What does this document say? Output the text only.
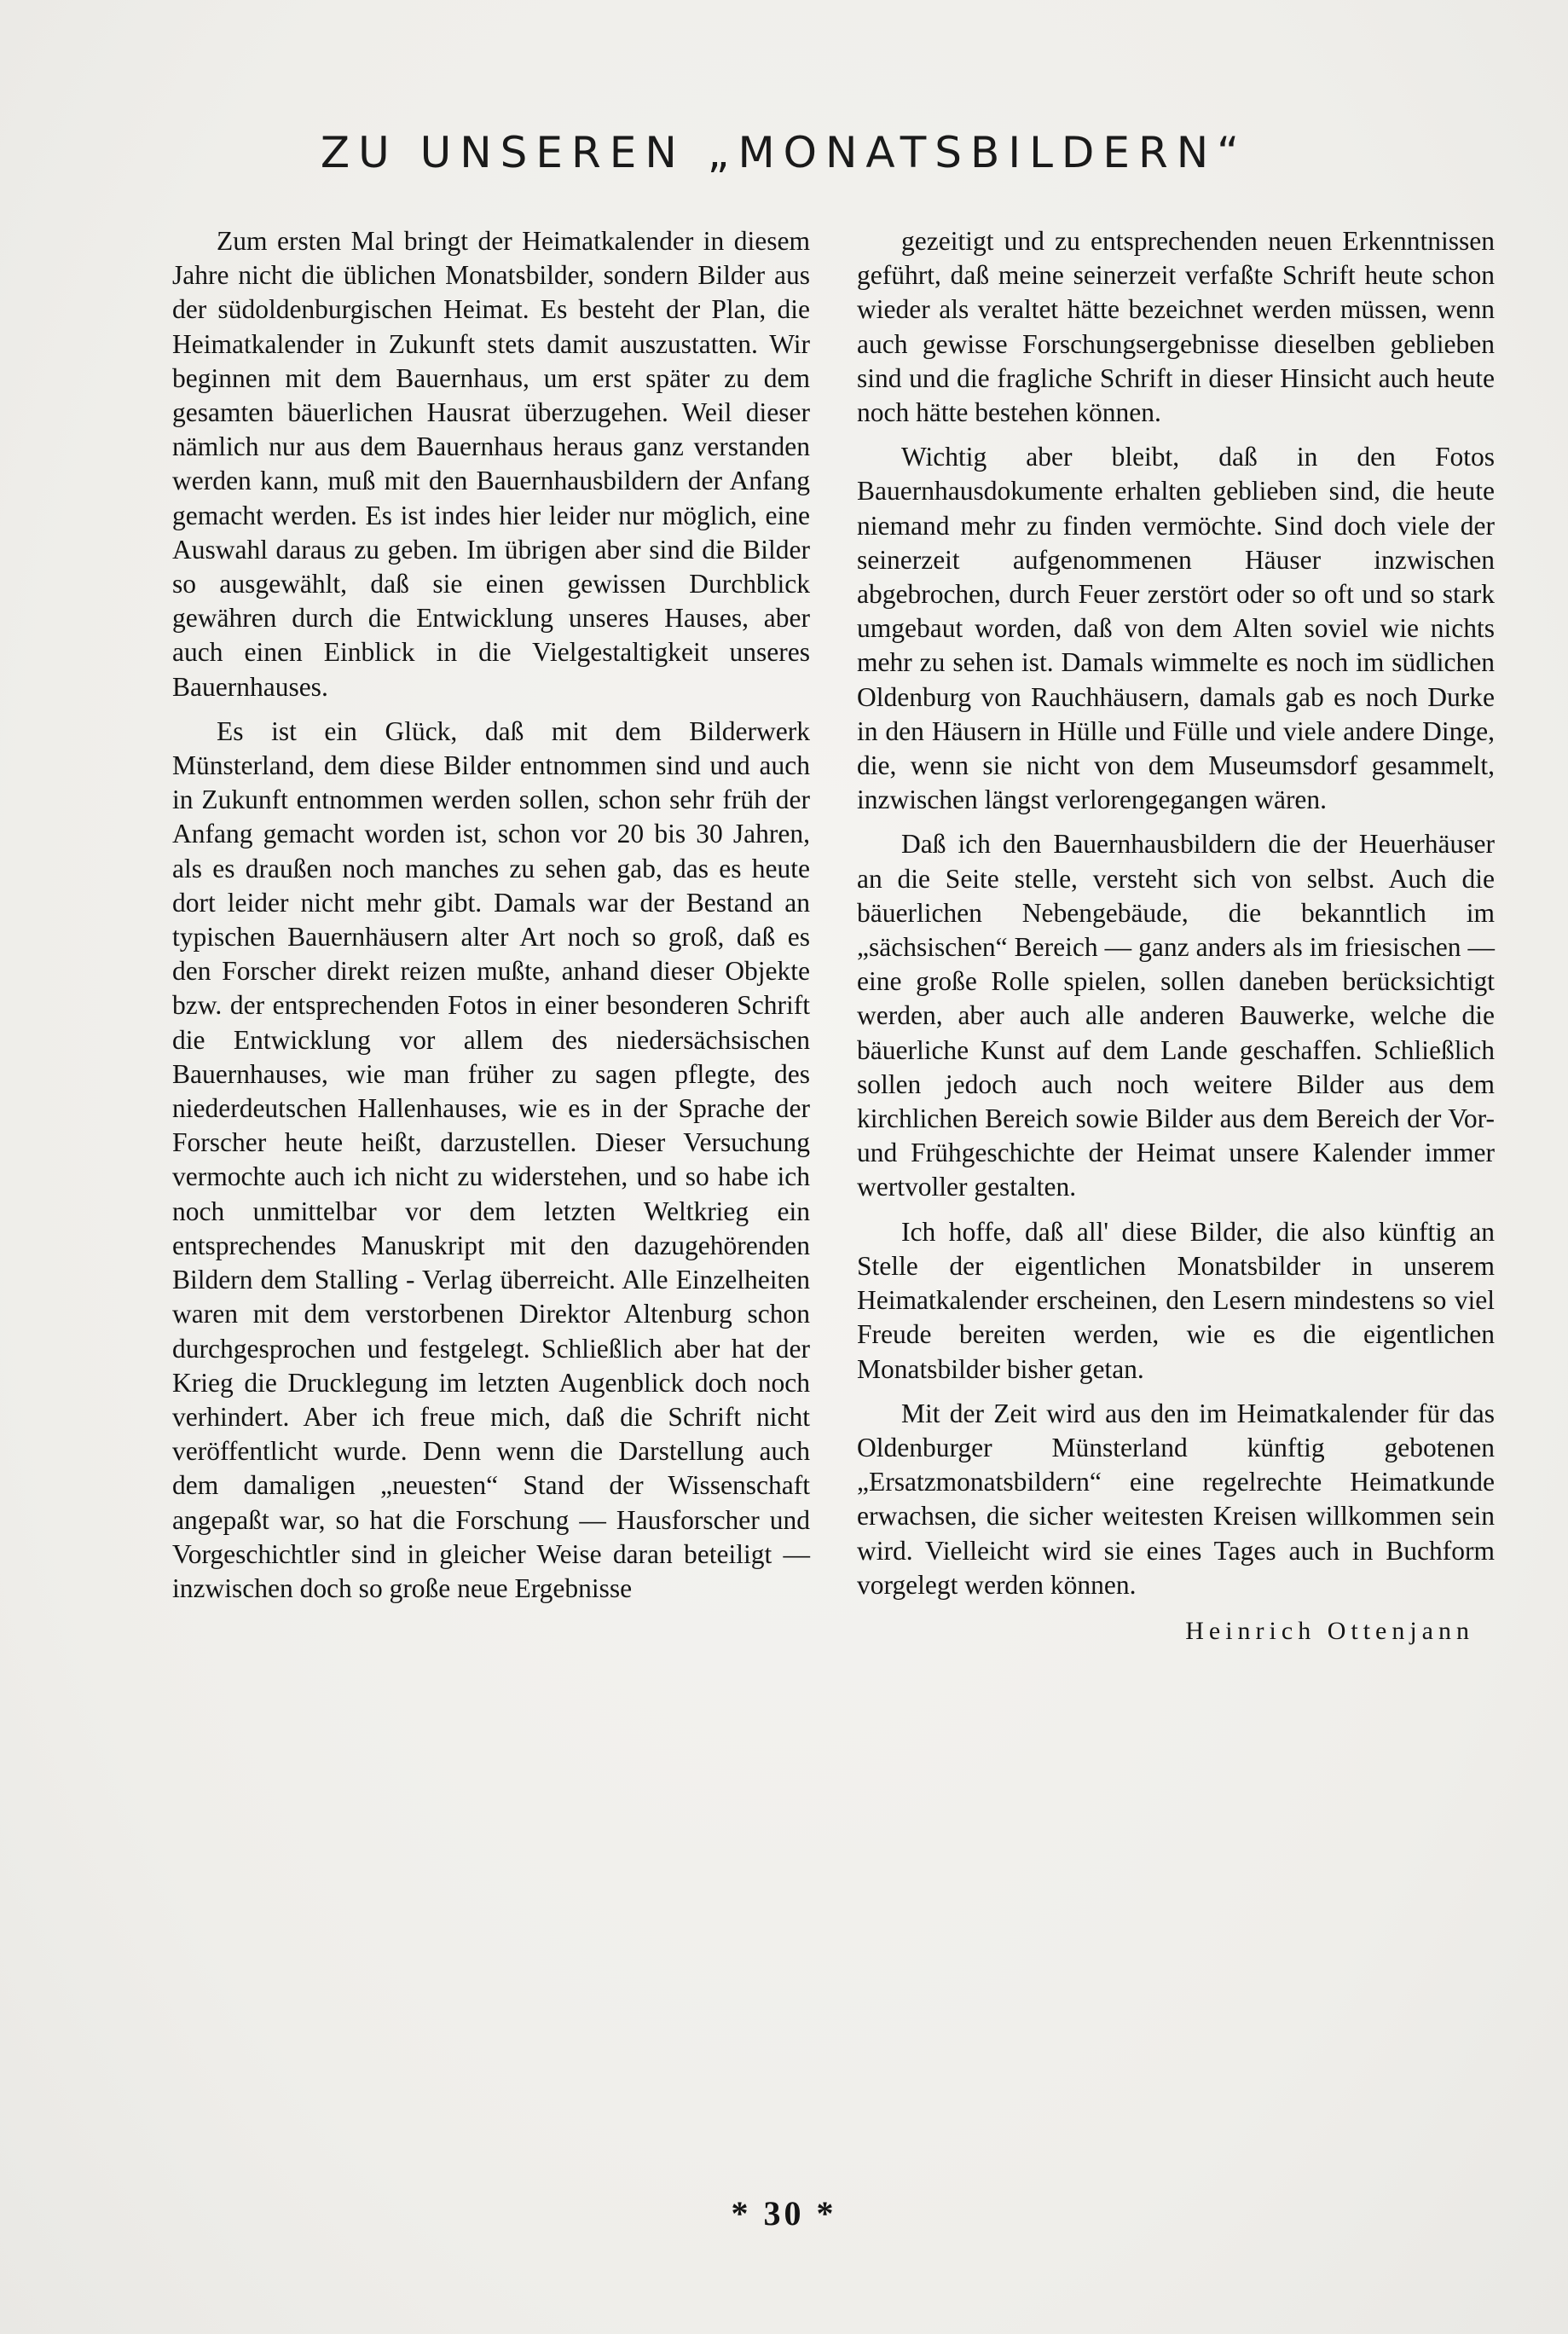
ZU UNSEREN „MONATSBILDERN“

Zum ersten Mal bringt der Heimatkalender in diesem Jahre nicht die üblichen Monatsbilder, sondern Bilder aus der südoldenburgischen Heimat. Es besteht der Plan, die Heimatkalender in Zukunft stets damit auszustatten. Wir beginnen mit dem Bauernhaus, um erst später zu dem gesamten bäuerlichen Hausrat überzugehen. Weil dieser nämlich nur aus dem Bauernhaus heraus ganz verstanden werden kann, muß mit den Bauernhausbildern der Anfang gemacht werden. Es ist indes hier leider nur möglich, eine Auswahl daraus zu geben. Im übrigen aber sind die Bilder so ausgewählt, daß sie einen gewissen Durchblick gewähren durch die Entwicklung unseres Hauses, aber auch einen Einblick in die Vielgestaltigkeit unseres Bauernhauses.

Es ist ein Glück, daß mit dem Bilderwerk Münsterland, dem diese Bilder entnommen sind und auch in Zukunft entnommen werden sollen, schon sehr früh der Anfang gemacht worden ist, schon vor 20 bis 30 Jahren, als es draußen noch manches zu sehen gab, das es heute dort leider nicht mehr gibt. Damals war der Bestand an typischen Bauernhäusern alter Art noch so groß, daß es den Forscher direkt reizen mußte, anhand dieser Objekte bzw. der entsprechenden Fotos in einer besonderen Schrift die Entwicklung vor allem des niedersächsischen Bauernhauses, wie man früher zu sagen pflegte, des niederdeutschen Hallenhauses, wie es in der Sprache der Forscher heute heißt, darzustellen. Dieser Versuchung vermochte auch ich nicht zu widerstehen, und so habe ich noch unmittelbar vor dem letzten Weltkrieg ein entsprechendes Manuskript mit den dazugehörenden Bildern dem Stalling - Verlag überreicht. Alle Einzelheiten waren mit dem verstorbenen Direktor Altenburg schon durchgesprochen und festgelegt. Schließlich aber hat der Krieg die Drucklegung im letzten Augenblick doch noch verhindert. Aber ich freue mich, daß die Schrift nicht veröffentlicht wurde. Denn wenn die Darstellung auch dem damaligen „neuesten“ Stand der Wissenschaft angepaßt war, so hat die Forschung — Hausforscher und Vorgeschichtler sind in gleicher Weise daran beteiligt — inzwischen doch so große neue Ergebnisse

gezeitigt und zu entsprechenden neuen Erkenntnissen geführt, daß meine seinerzeit verfaßte Schrift heute schon wieder als veraltet hätte bezeichnet werden müssen, wenn auch gewisse Forschungsergebnisse dieselben geblieben sind und die fragliche Schrift in dieser Hinsicht auch heute noch hätte bestehen können.

Wichtig aber bleibt, daß in den Fotos Bauernhausdokumente erhalten geblieben sind, die heute niemand mehr zu finden vermöchte. Sind doch viele der seinerzeit aufgenommenen Häuser inzwischen abgebrochen, durch Feuer zerstört oder so oft und so stark umgebaut worden, daß von dem Alten soviel wie nichts mehr zu sehen ist. Damals wimmelte es noch im südlichen Oldenburg von Rauchhäusern, damals gab es noch Durke in den Häusern in Hülle und Fülle und viele andere Dinge, die, wenn sie nicht von dem Museumsdorf gesammelt, inzwischen längst verlorengegangen wären.

Daß ich den Bauernhausbildern die der Heuerhäuser an die Seite stelle, versteht sich von selbst. Auch die bäuerlichen Nebengebäude, die bekanntlich im „sächsischen“ Bereich — ganz anders als im friesischen — eine große Rolle spielen, sollen daneben berücksichtigt werden, aber auch alle anderen Bauwerke, welche die bäuerliche Kunst auf dem Lande geschaffen. Schließlich sollen jedoch auch noch weitere Bilder aus dem kirchlichen Bereich sowie Bilder aus dem Bereich der Vor- und Frühgeschichte der Heimat unsere Kalender immer wertvoller gestalten.

Ich hoffe, daß all' diese Bilder, die also künftig an Stelle der eigentlichen Monatsbilder in unserem Heimatkalender erscheinen, den Lesern mindestens so viel Freude bereiten werden, wie es die eigentlichen Monatsbilder bisher getan.

Mit der Zeit wird aus den im Heimatkalender für das Oldenburger Münsterland künftig gebotenen „Ersatzmonatsbildern“ eine regelrechte Heimatkunde erwachsen, die sicher weitesten Kreisen willkommen sein wird. Vielleicht wird sie eines Tages auch in Buchform vorgelegt werden können.

Heinrich Ottenjann
* 30 *
